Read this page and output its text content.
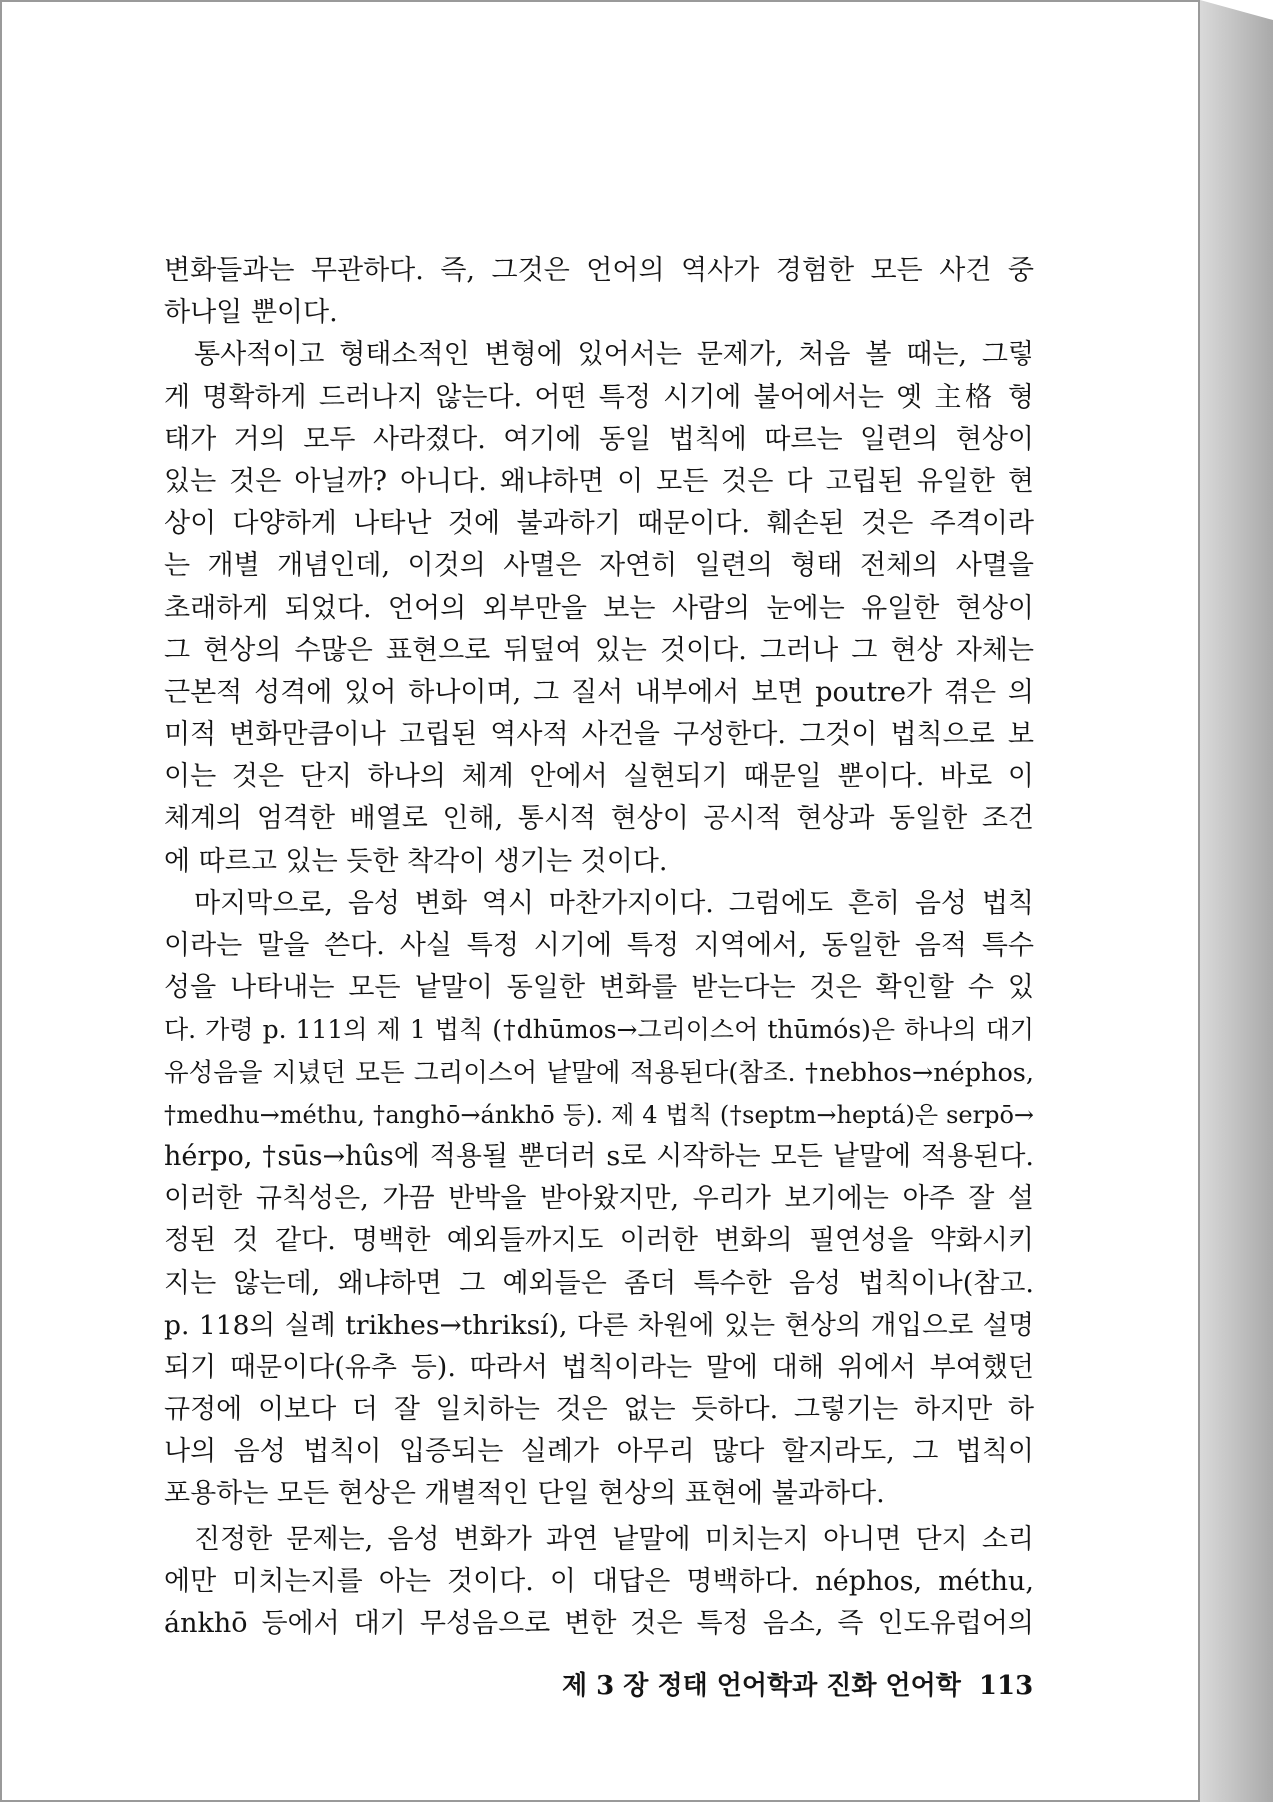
변화들과는 무관하다. 즉, 그것은 언어의 역사가 경험한 모든 사건 중
하나일 뿐이다.
통사적이고 형태소적인 변형에 있어서는 문제가, 처음 볼 때는, 그렇
게 명확하게 드러나지 않는다. 어떤 특정 시기에 불어에서는 옛 主格 형
태가 거의 모두 사라졌다. 여기에 동일 법칙에 따르는 일련의 현상이
있는 것은 아닐까? 아니다. 왜냐하면 이 모든 것은 다 고립된 유일한 현
상이 다양하게 나타난 것에 불과하기 때문이다. 훼손된 것은 주격이라
는 개별 개념인데, 이것의 사멸은 자연히 일련의 형태 전체의 사멸을
초래하게 되었다. 언어의 외부만을 보는 사람의 눈에는 유일한 현상이
그 현상의 수많은 표현으로 뒤덮여 있는 것이다. 그러나 그 현상 자체는
근본적 성격에 있어 하나이며, 그 질서 내부에서 보면 poutre가 겪은 의
미적 변화만큼이나 고립된 역사적 사건을 구성한다. 그것이 법칙으로 보
이는 것은 단지 하나의 체계 안에서 실현되기 때문일 뿐이다. 바로 이
체계의 엄격한 배열로 인해, 통시적 현상이 공시적 현상과 동일한 조건
에 따르고 있는 듯한 착각이 생기는 것이다.
마지막으로, 음성 변화 역시 마찬가지이다. 그럼에도 흔히 음성 법칙
이라는 말을 쓴다. 사실 특정 시기에 특정 지역에서, 동일한 음적 특수
성을 나타내는 모든 낱말이 동일한 변화를 받는다는 것은 확인할 수 있
다. 가령 p. 111의 제 1 법칙 (†dhūmos→그리이스어 thūmós)은 하나의 대기
유성음을 지녔던 모든 그리이스어 낱말에 적용된다(참조. †nebhos→néphos,
†medhu→méthu, †anghō→ánkhō 등). 제 4 법칙 (†septm→heptá)은 serpō→
hérpo, †sūs→hûs에 적용될 뿐더러 s로 시작하는 모든 낱말에 적용된다.
이러한 규칙성은, 가끔 반박을 받아왔지만, 우리가 보기에는 아주 잘 설
정된 것 같다. 명백한 예외들까지도 이러한 변화의 필연성을 약화시키
지는 않는데, 왜냐하면 그 예외들은 좀더 특수한 음성 법칙이나(참고.
p. 118의 실례 trikhes→thriksí), 다른 차원에 있는 현상의 개입으로 설명
되기 때문이다(유추 등). 따라서 법칙이라는 말에 대해 위에서 부여했던
규정에 이보다 더 잘 일치하는 것은 없는 듯하다. 그렇기는 하지만 하
나의 음성 법칙이 입증되는 실례가 아무리 많다 할지라도, 그 법칙이
포용하는 모든 현상은 개별적인 단일 현상의 표현에 불과하다.
진정한 문제는, 음성 변화가 과연 낱말에 미치는지 아니면 단지 소리
에만 미치는지를 아는 것이다. 이 대답은 명백하다. néphos, méthu,
ánkhō 등에서 대기 무성음으로 변한 것은 특정 음소, 즉 인도유럽어의
제 3 장 정태 언어학과 진화 언어학 113
